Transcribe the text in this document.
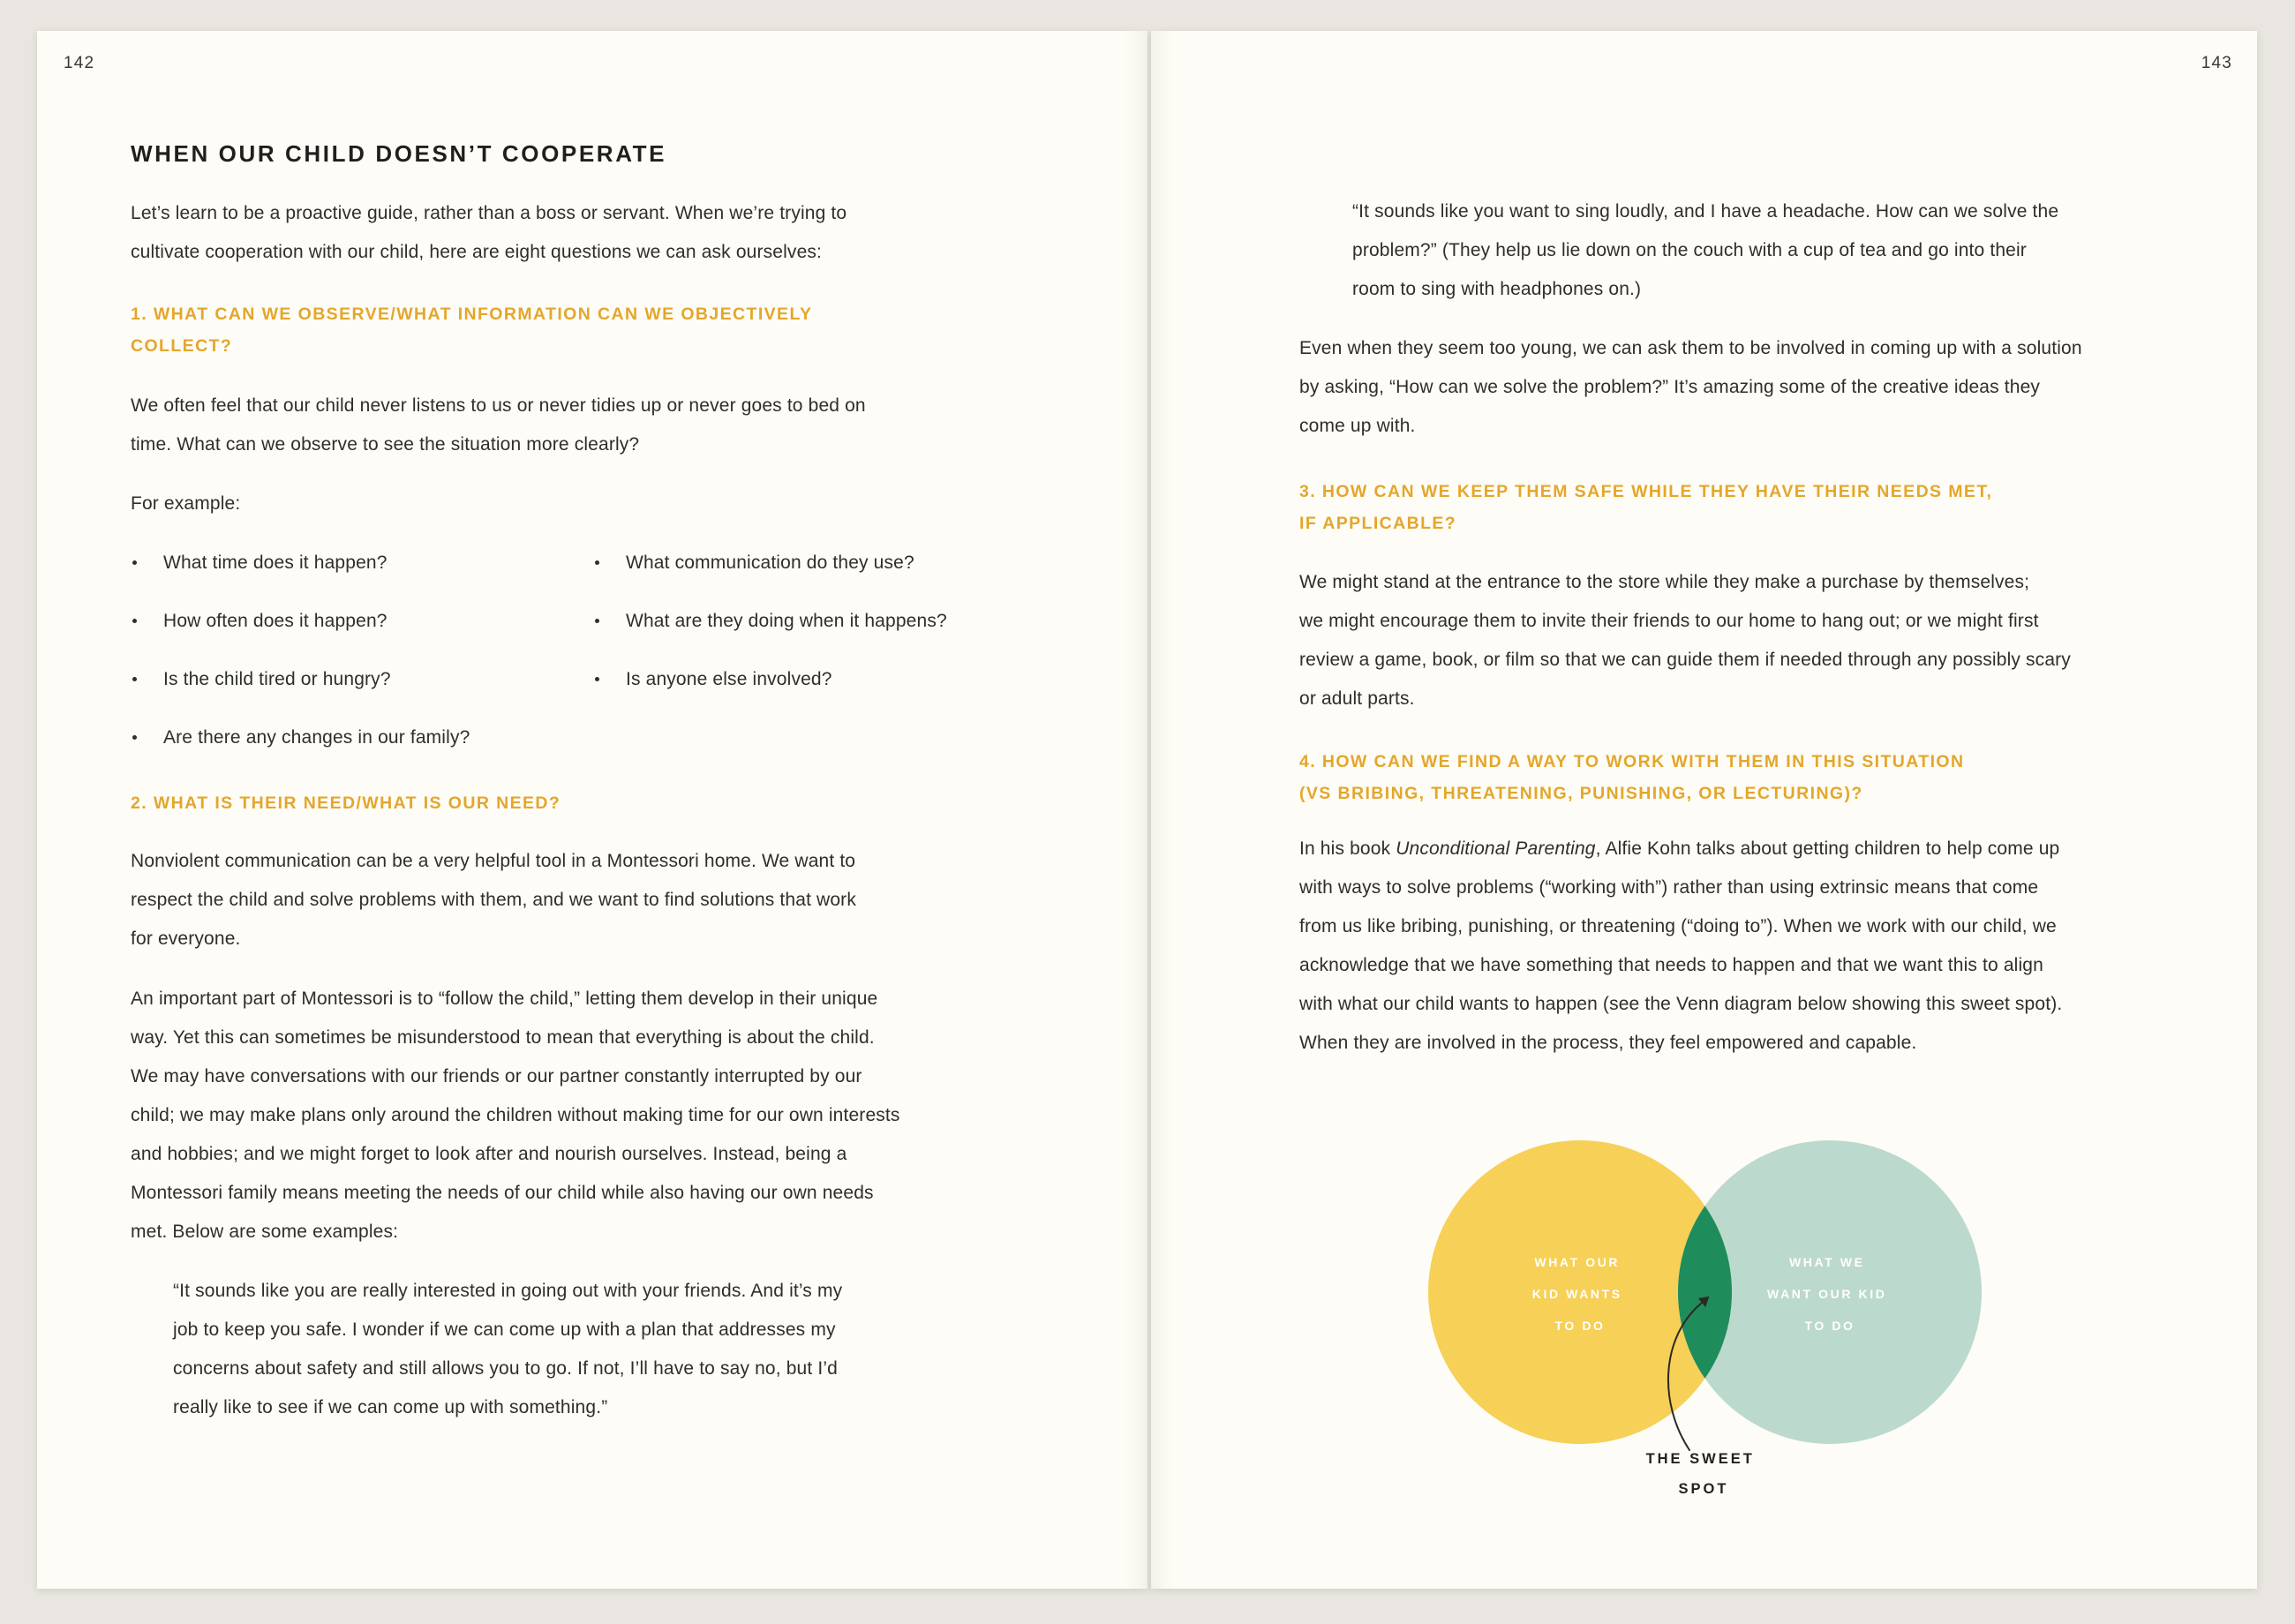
142
WHEN OUR CHILD DOESN’T COOPERATE
Let’s learn to be a proactive guide, rather than a boss or servant. When we’re trying to
cultivate cooperation with our child, here are eight questions we can ask ourselves:
1. WHAT CAN WE OBSERVE/WHAT INFORMATION CAN WE OBJECTIVELY
COLLECT?
We often feel that our child never listens to us or never tidies up or never goes to bed on
time. What can we observe to see the situation more clearly?
For example:
What time does it happen?
How often does it happen?
Is the child tired or hungry?
Are there any changes in our family?
What communication do they use?
What are they doing when it happens?
Is anyone else involved?
2. WHAT IS THEIR NEED/WHAT IS OUR NEED?
Nonviolent communication can be a very helpful tool in a Montessori home. We want to
respect the child and solve problems with them, and we want to find solutions that work
for everyone.
An important part of Montessori is to “follow the child,” letting them develop in their unique
way. Yet this can sometimes be misunderstood to mean that everything is about the child.
We may have conversations with our friends or our partner constantly interrupted by our
child; we may make plans only around the children without making time for our own interests
and hobbies; and we might forget to look after and nourish ourselves. Instead, being a
Montessori family means meeting the needs of our child while also having our own needs
met. Below are some examples:
“It sounds like you are really interested in going out with your friends. And it’s my
job to keep you safe. I wonder if we can come up with a plan that addresses my
concerns about safety and still allows you to go. If not, I’ll have to say no, but I’d
really like to see if we can come up with something.”
143
“It sounds like you want to sing loudly, and I have a headache. How can we solve the
problem?” (They help us lie down on the couch with a cup of tea and go into their
room to sing with headphones on.)
Even when they seem too young, we can ask them to be involved in coming up with a solution
by asking, “How can we solve the problem?” It’s amazing some of the creative ideas they
come up with.
3. HOW CAN WE KEEP THEM SAFE WHILE THEY HAVE THEIR NEEDS MET,
IF APPLICABLE?
We might stand at the entrance to the store while they make a purchase by themselves;
we might encourage them to invite their friends to our home to hang out; or we might first
review a game, book, or film so that we can guide them if needed through any possibly scary
or adult parts.
4. HOW CAN WE FIND A WAY TO WORK WITH THEM IN THIS SITUATION
(VS BRIBING, THREATENING, PUNISHING, OR LECTURING)?
In his book Unconditional Parenting, Alfie Kohn talks about getting children to help come up
with ways to solve problems (“working with”) rather than using extrinsic means that come
from us like bribing, punishing, or threatening (“doing to”). When we work with our child, we
acknowledge that we have something that needs to happen and that we want this to align
with what our child wants to happen (see the Venn diagram below showing this sweet spot).
When they are involved in the process, they feel empowered and capable.
WHAT OUR KID WANTS TO DO
WHAT WE WANT OUR KID TO DO
THE SWEET SPOT
